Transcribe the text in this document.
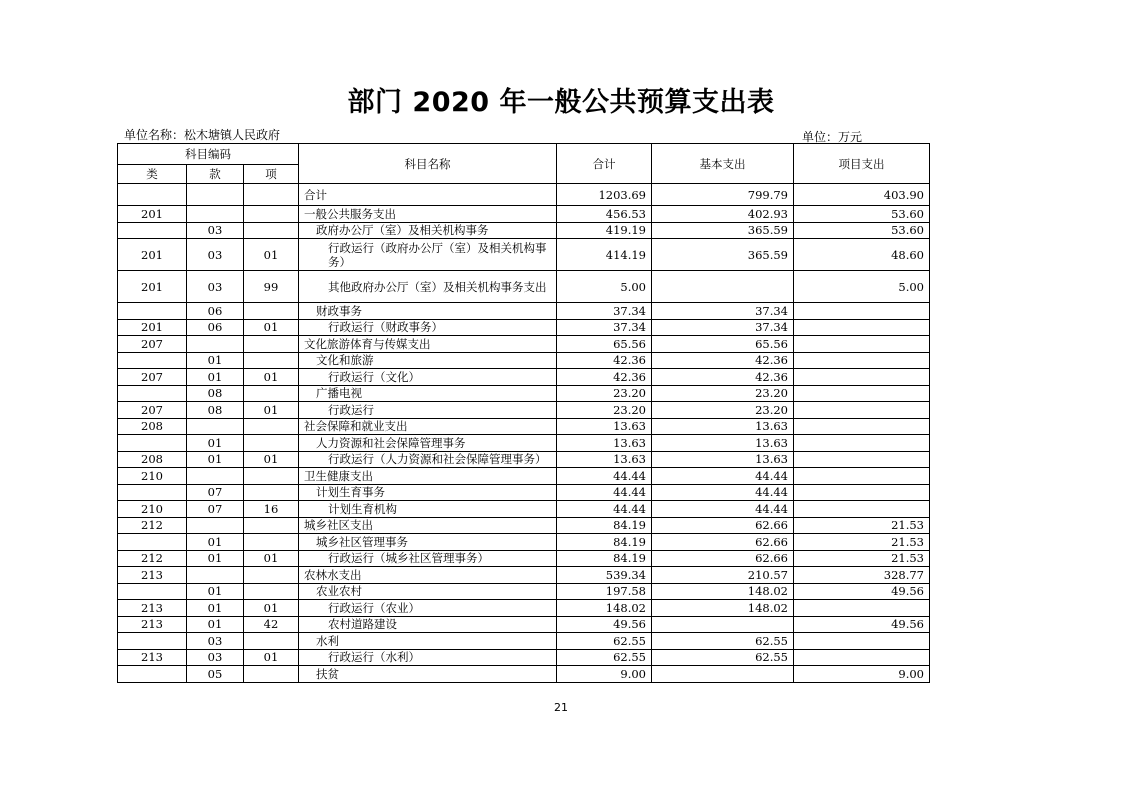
部门 2020 年一般公共预算支出表
单位名称：松木塘镇人民政府	单位：万元
科目编码			科目名称	合计	基本支出	项目支出
类	款	项				
			合计	1203.69	799.79	403.90
201			一般公共服务支出	456.53	402.93	53.60
	03		政府办公厅（室）及相关机构事务	419.19	365.59	53.60
201	03	01	行政运行（政府办公厅（室）及相关机构事务）	414.19	365.59	48.60
201	03	99	其他政府办公厅（室）及相关机构事务支出	5.00		5.00
	06		财政事务	37.34	37.34	
201	06	01	行政运行（财政事务）	37.34	37.34	
207			文化旅游体育与传媒支出	65.56	65.56	
	01		文化和旅游	42.36	42.36	
207	01	01	行政运行（文化）	42.36	42.36	
	08		广播电视	23.20	23.20	
207	08	01	行政运行	23.20	23.20	
208			社会保障和就业支出	13.63	13.63	
	01		人力资源和社会保障管理事务	13.63	13.63	
208	01	01	行政运行（人力资源和社会保障管理事务）	13.63	13.63	
210			卫生健康支出	44.44	44.44	
	07		计划生育事务	44.44	44.44	
210	07	16	计划生育机构	44.44	44.44	
212			城乡社区支出	84.19	62.66	21.53
	01		城乡社区管理事务	84.19	62.66	21.53
212	01	01	行政运行（城乡社区管理事务）	84.19	62.66	21.53
213			农林水支出	539.34	210.57	328.77
	01		农业农村	197.58	148.02	49.56
213	01	01	行政运行（农业）	148.02	148.02	
213	01	42	农村道路建设	49.56		49.56
	03		水利	62.55	62.55	
213	03	01	行政运行（水利）	62.55	62.55	
	05		扶贫	9.00		9.00
21
